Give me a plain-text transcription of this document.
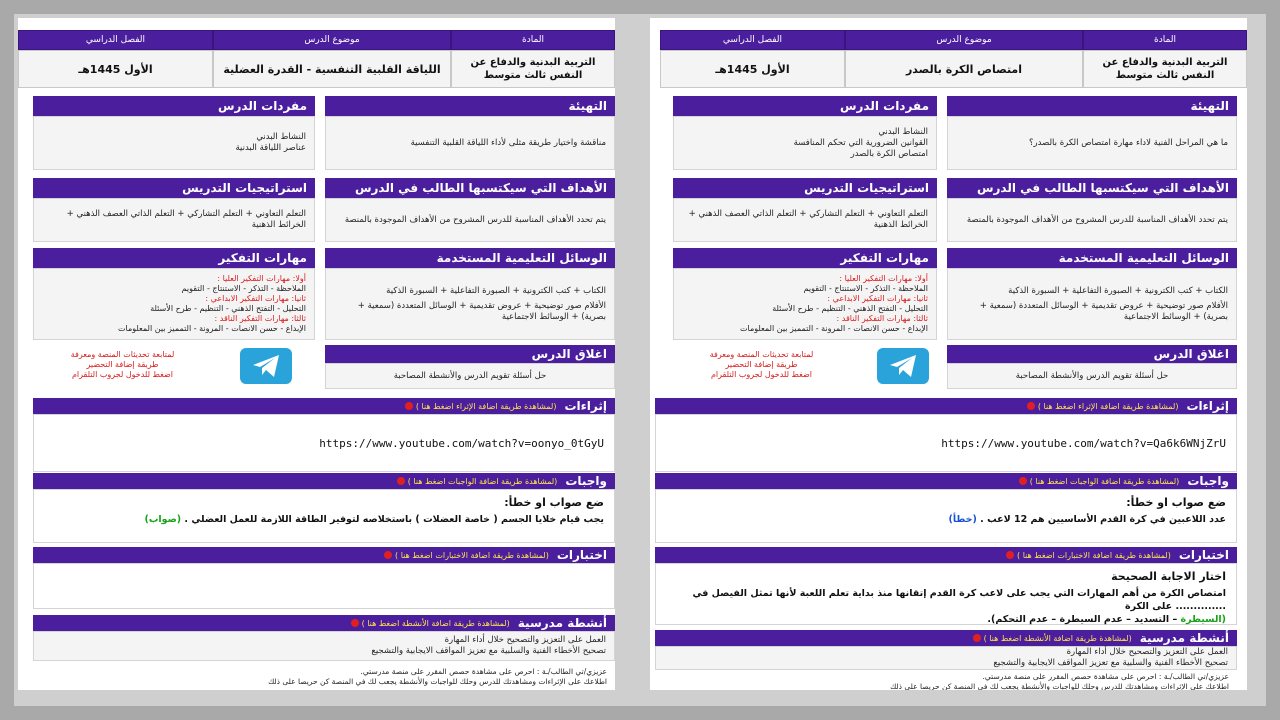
المادة
موضوع الدرس
الفصل الدراسي
التربية البدنية والدفاع عن النفس ثالث متوسط
اللياقة القلبية التنفسية - القدرة العضلية
الأول 1445هـ
التهيئة
مناقشة واختيار طريقة مثلى لأداء اللياقة القلبية التنفسية
مفردات الدرس
النشاط البدني
عناصر اللياقة البدنية
الأهداف التي سيكتسبها الطالب في الدرس
يتم تحدد الأهداف المناسبة للدرس المشروح من الأهداف الموجودة بالمنصة
استراتيجيات التدريس
التعلم التعاوني + التعلم التشاركي + التعلم الذاتي العصف الذهني + الخرائط الذهنية
الوسائل التعليمية المستخدمة
الكتاب + كتب الكترونية + الصبورة التفاعلية + السبورة الذكية
الأفلام صور توضيحية + عروض تقديمية + الوسائل المتعددة (سمعية + بصرية) + الوسائط الاجتماعية
مهارات التفكير
أولا: مهارات التفكير العليا :
الملاحظة - التذكر - الاستنتاج - التقويم
ثانيا: مهارات التفكير الابداعي :
التحليل - التفتح الذهني - التنظيم - طرح الأسئلة
ثالثا: مهارات التفكير الناقد :
الإبداع - حسن الانصات - المرونة - التمميز بين المعلومات
اغلاق الدرس
حل أسئلة تقويم الدرس والأنشطة المصاحبة
لمتابعة تحديثات المنصة ومعرفة
طريقة إضافة التحضير
اضغط للدخول لجروب التلقرام
إثراءات
(لمشاهدة طريقة اضافة الإثراء اضغط هنا )
https://www.youtube.com/watch?v=oonyo_0tGyU
واجبات
(لمشاهدة طريقة اضافة الواجبات اضغط هنا )
ضع صواب او خطأ:
يجب قيام خلايا الجسم ( خاصة العضلات ) باستخلاصه لتوفير الطاقة اللازمة للعمل العضلي . (صواب)
اختبارات
(لمشاهدة طريقة اضافة الاختبارات اضغط هنا )
أنشطة مدرسية
(لمشاهدة طريقة اضافة الأنشطة اضغط هنا )
العمل على التعزيز والتصحيح خلال أداء المهارة
تصحيح الأخطاء الفنية والسلبية مع تعزيز المواقف الايجابية والتشجيع
عزيزي/تي الطالب/ـة : احرص على مشاهدة حصص المقرر على منصة مدرستي.
اطلاعك على الإثراءات ومشاهدتك للدرس وحلك للواجبات والأنشطة يجعب لك في المنصة كن حريصا على ذلك
المادة
موضوع الدرس
الفصل الدراسي
التربية البدنية والدفاع عن النفس ثالث متوسط
امتصاص الكرة بالصدر
الأول 1445هـ
التهيئة
ما هي المراحل الفنية لاداء مهارة امتصاص الكرة بالصدر؟
مفردات الدرس
النشاط البدني
القوانين الضرورية التي تحكم المنافسة
امتصاص الكرة بالصدر
الأهداف التي سيكتسبها الطالب في الدرس
يتم تحدد الأهداف المناسبة للدرس المشروح من الأهداف الموجودة بالمنصة
استراتيجيات التدريس
التعلم التعاوني + التعلم التشاركي + التعلم الذاتي العصف الذهني + الخرائط الذهنية
الوسائل التعليمية المستخدمة
الكتاب + كتب الكترونية + الصبورة التفاعلية + السبورة الذكية
الأفلام صور توضيحية + عروض تقديمية + الوسائل المتعددة (سمعية + بصرية) + الوسائط الاجتماعية
مهارات التفكير
أولا: مهارات التفكير العليا :
الملاحظة - التذكر - الاستنتاج - التقويم
ثانيا: مهارات التفكير الابداعي :
التحليل - التفتح الذهني - التنظيم - طرح الأسئلة
ثالثا: مهارات التفكير الناقد :
الإبداع - حسن الانصات - المرونة - التمميز بين المعلومات
اغلاق الدرس
حل أسئلة تقويم الدرس والأنشطة المصاحبة
لمتابعة تحديثات المنصة ومعرفة
طريقة إضافة التحضير
اضغط للدخول لجروب التلقرام
إثراءات
(لمشاهدة طريقة اضافة الإثراء اضغط هنا )
https://www.youtube.com/watch?v=Qa6k6WNjZrU
واجبات
(لمشاهدة طريقة اضافة الواجبات اضغط هنا )
ضع صواب او خطأ:
عدد اللاعبين في كرة القدم الأساسيين هم 12 لاعب . (خطأ)
اختبارات
(لمشاهدة طريقة اضافة الاختبارات اضغط هنا )
اختار الاجابة الصحيحة
امتصاص الكرة من أهم المهارات التي يجب على لاعب كرة القدم إتقانها منذ بداية تعلم اللعبة لأنها تمثل الفيصل في .............. على الكرة
(السيطرة – التسديد – عدم السيطرة – عدم التحكم).
أنشطة مدرسية
(لمشاهدة طريقة اضافة الأنشطة اضغط هنا )
العمل على التعزيز والتصحيح خلال أداء المهارة
تصحيح الأخطاء الفنية والسلبية مع تعزيز المواقف الايجابية والتشجيع
عزيزي/تي الطالب/ـة : احرص على مشاهدة حصص المقرر على منصة مدرستي.
اطلاعك على الإثراءات ومشاهدتك للدرس وحلك للواجبات والأنشطة يجعب لك في المنصة كن حريصا على ذلك
